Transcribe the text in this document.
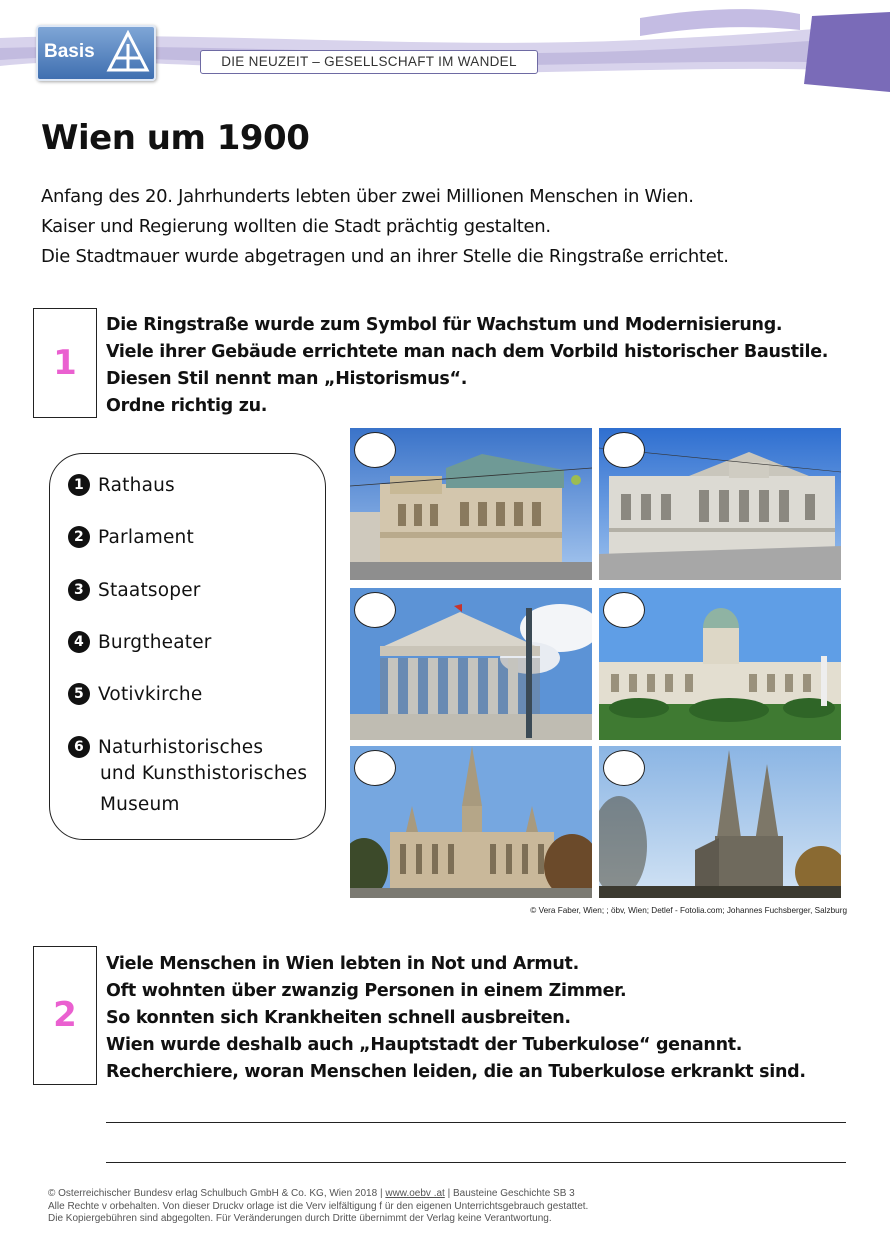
Basis	DIE NEUZEIT – GESELLSCHAFT IM WANDEL
Wien um 1900

Anfang des 20. Jahrhunderts lebten über zwei Millionen Menschen in Wien.

Kaiser und Regierung wollten die Stadt prächtig gestalten.

Die Stadtmauer wurde abgetragen und an ihrer Stelle die Ringstraße errichtet.

1

Die Ringstraße wurde zum Symbol für Wachstum und Modernisierung.

Viele ihrer Gebäude errichtete man nach dem Vorbild historischer Baustile.

Diesen Stil nennt man „Historismus“.

Ordne richtig zu.

1 Rathaus
2 Parlament
3 Staatsoper
4 Burgtheater
5 Votivkirche
6 Naturhistorisches
und Kunsthistorisches
Museum
© Vera Faber, Wien; ; öbv, Wien; Detlef - Fotolia.com; Johannes Fuchsberger, Salzburg
2

Viele Menschen in Wien lebten in Not und Armut.

Oft wohnten über zwanzig Personen in einem Zimmer.

So konnten sich Krankheiten schnell ausbreiten.

Wien wurde deshalb auch „Hauptstadt der Tuberkulose“ genannt.

Recherchiere, woran Menschen leiden, die an Tuberkulose erkrankt sind.

© Osterreichischer Bundesv erlag Schulbuch GmbH & Co. KG, Wien 2018 | www.oebv .at | Bausteine Geschichte SB 3

Alle Rechte v orbehalten. Von dieser Druckv orlage ist die Verv ielfältigung f ür den eigenen Unterrichtsgebrauch gestattet.

Die Kopiergebühren sind abgegolten. Für Veränderungen durch Dritte übernimmt der Verlag keine Verantwortung.
